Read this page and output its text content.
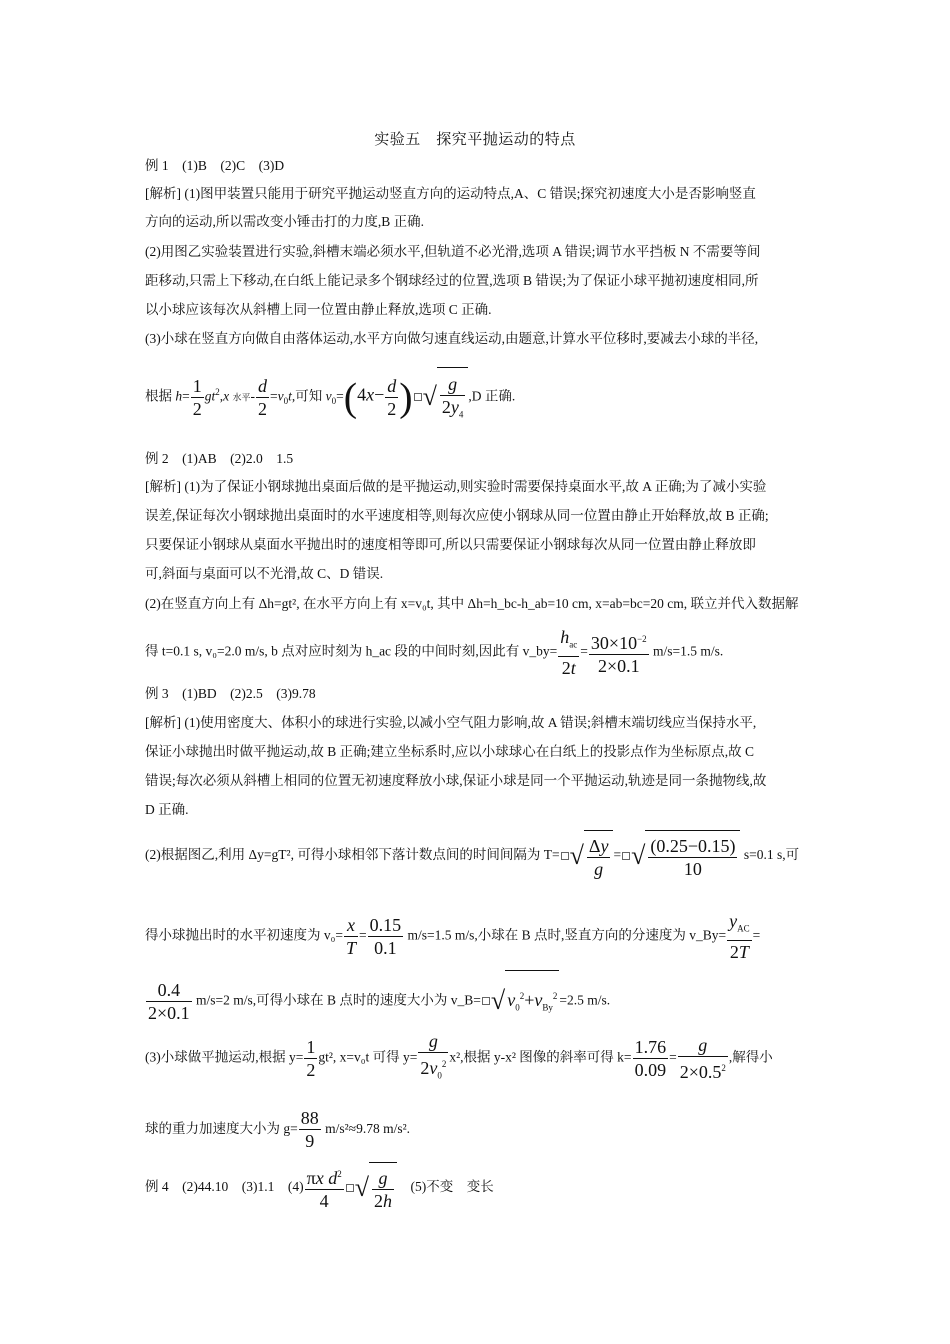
实验五　探究平抛运动的特点
例 1　(1)B　(2)C　(3)D
[解析] (1)图甲装置只能用于研究平抛运动竖直方向的运动特点,A、C 错误;探究初速度大小是否影响竖直
方向的运动,所以需改变小锤击打的力度,B 正确.
(2)用图乙实验装置进行实验,斜槽末端必须水平,但轨道不必光滑,选项 A 错误;调节水平挡板 N 不需要等间
距移动,只需上下移动,在白纸上能记录多个钢球经过的位置,选项 B 错误;为了保证小球平抛初速度相同,所
以小球应该每次从斜槽上同一位置由静止释放,选项 C 正确.
(3)小球在竖直方向做自由落体运动,水平方向做匀速直线运动,由题意,计算水平位移时,要减去小球的半径,
根据 $h= \frac{1}{2} gt^2,x$ 水平- $\frac{d}{2} =v_0t$,可知 $v_0=(4x- \frac{d}{2}$ ) √ $\frac{g}{2y_4} ,D$ 正确.
例 2　(1)AB　(2)2.0　1.5
[解析] (1)为了保证小钢球抛出桌面后做的是平抛运动,则实验时需要保持桌面水平,故 A 正确;为了减小实验
误差,保证每次小钢球抛出桌面时的水平速度相等,则每次应使小钢球从同一位置由静止开始释放,故 B 正确;
只要保证小钢球从桌面水平抛出时的速度相等即可,所以只需要保证小钢球每次从同一位置由静止释放即
可,斜面与桌面可以不光滑,故 C、D 错误.
(2)在竖直方向上有 Δh=gt², 在水平方向上有 x=v₀t, 其中 Δh=h_bc-h_ab=10 cm, x=ab=bc=20 cm, 联立并代入数据解
得 t=0.1 s, v₀=2.0 m/s, b 点对应时刻为 h_ac 段的中间时刻,因此有 v_by=
$h_{ac}$
2t
= $\frac{30\times 10^{-2}}{2\times 0.1} m/s=1.5$ m/s.
例 3　(1)BD　(2)2.5　(3)9.78
[解析] (1)使用密度大、体积小的球进行实验,以减小空气阻力影响,故 A 错误;斜槽末端切线应当保持水平,
保证小球抛出时做平抛运动,故 B 正确;建立坐标系时,应以小球球心在白纸上的投影点作为坐标原点,故 C
错误;每次必须从斜槽上相同的位置无初速度释放小球,保证小球是同一个平抛运动,轨迹是同一条抛物线,故
D 正确.
(2)根据图乙,利用 Δy=gT², 可得小球相邻下落计数点间的时间间隔为 T= √ $\frac{\Delta y}{g}$ = √ $\frac{(0.25-0.15)}{10} s=0.1$ s,可
得小球抛出时的水平初速度为 $v_0= \frac{x}{T} = \frac{0.15}{0.1} m/s=1.5$ m/s,小球在 B 点时,竖直方向的分速度为 v_By=
$y_{AC}$
2T
=
$\frac{0.4}{2\times 0.1} m/s=2$ m/s,可得小球在 B 点时的速度大小为 v_B= √ $v_0^2+v_{By}^2 =2.5$ m/s.
(3)小球做平抛运动,根据 $y= \frac{1}{2} gt^2$, x=v₀t 可得 $y= \frac{g}{2v_0^2} x^2$,根据 y-x² 图像的斜率可得 $k= \frac{1.76}{0.09} = \frac{g}{2\times 0.5^2}$ ,解得小
球的重力加速度大小为 $g= \frac{88}{9} m/s^2\approx 9.78$ m/s².
例 4　(2)44.10　(3)1.1　$(4) \frac{\pi x d^2}{4}$ √ $\frac{g}{2h}$ 　(5)不变　变长
